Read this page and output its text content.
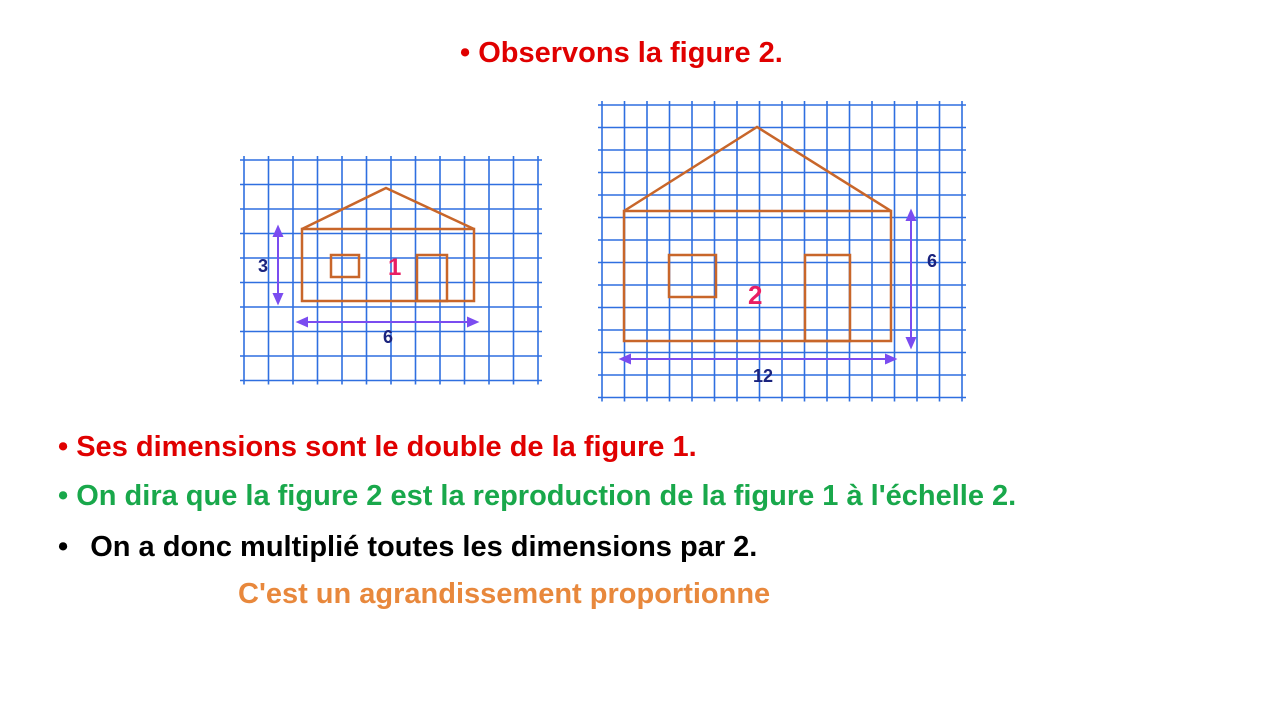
• Observons la figure 2.
3
6
1	6
12
2
• Ses dimensions sont le double de la figure 1.
• On dira que la figure 2 est la reproduction de la figure 1 à l'échelle 2.
• On a donc multiplié toutes les dimensions par 2.
C'est un agrandissement proportionne
